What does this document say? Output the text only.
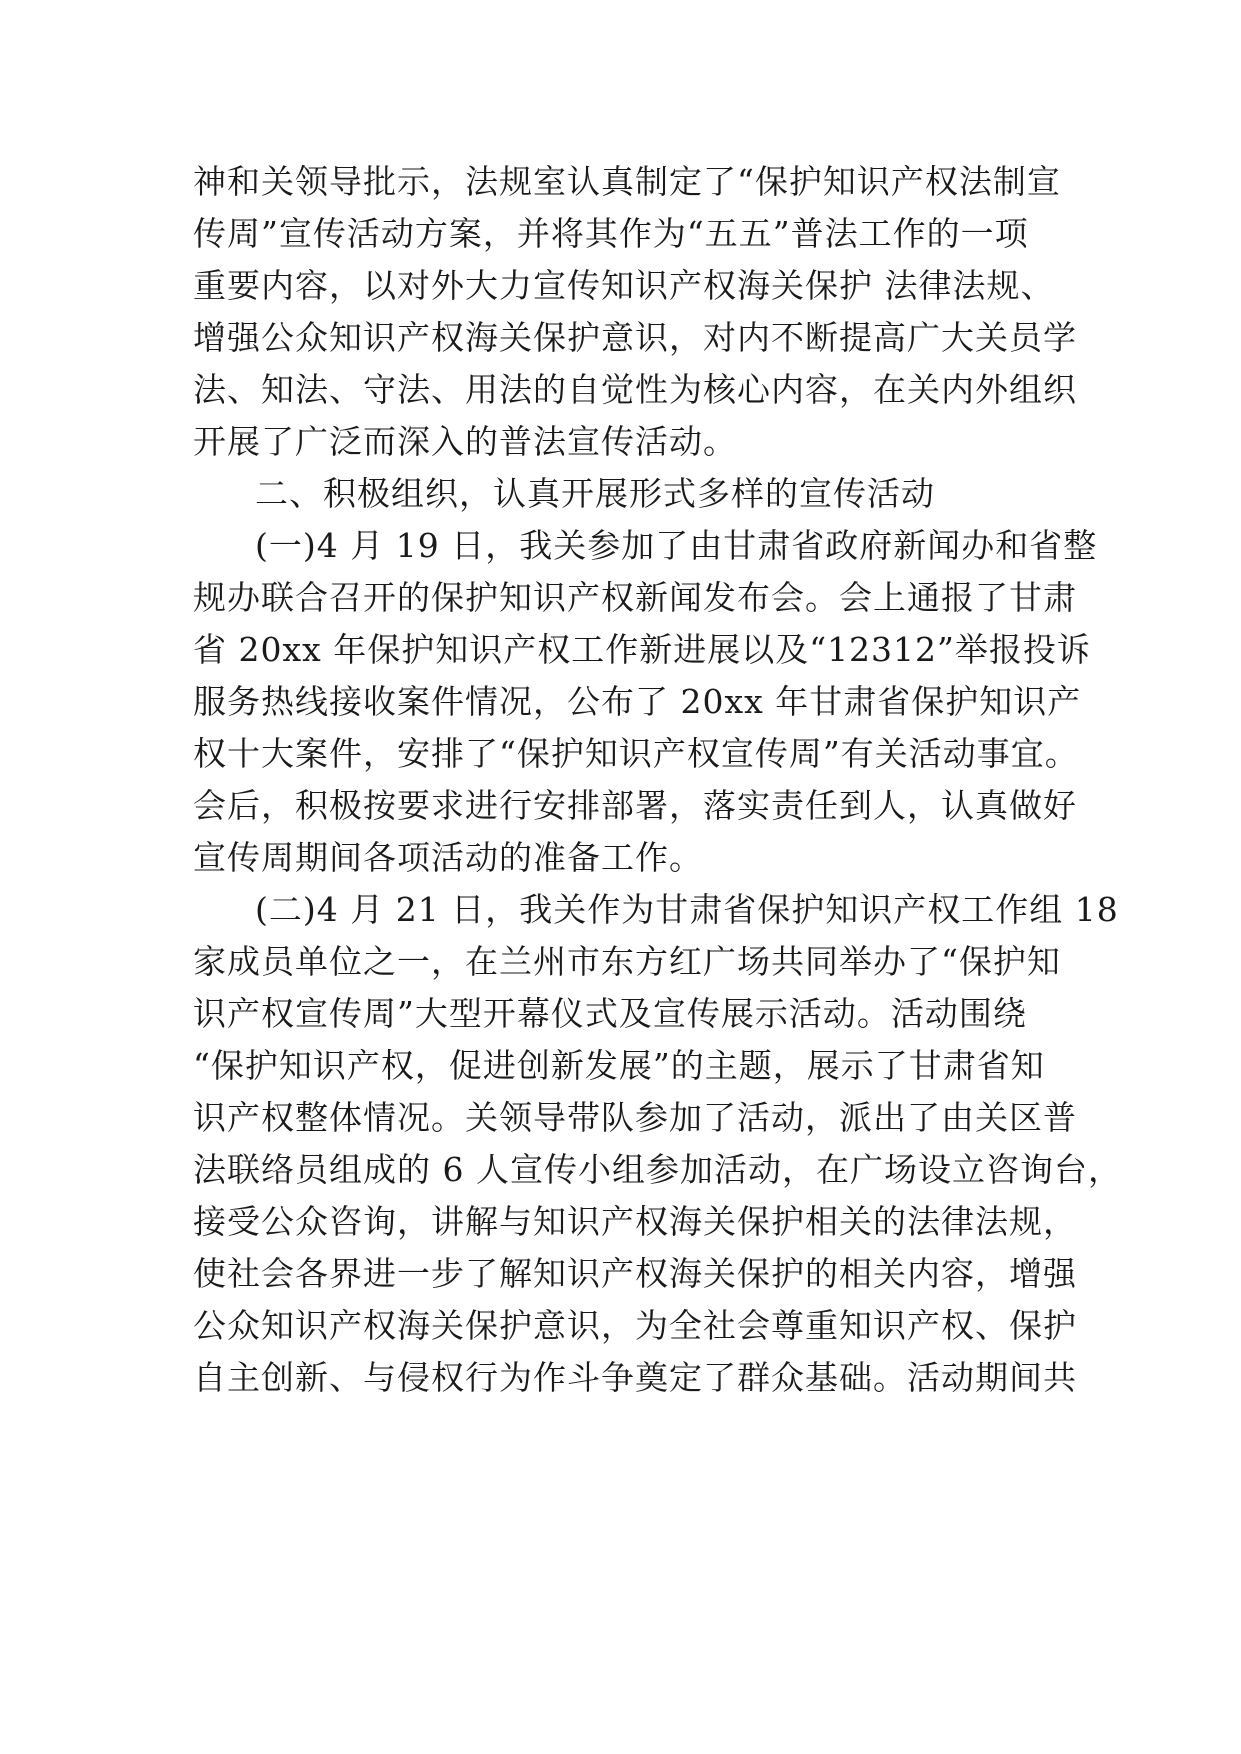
神和关领导批示，法规室认真制定了“保护知识产权法制宣
传周”宣传活动方案，并将其作为“五五”普法工作的一项
重要内容，以对外大力宣传知识产权海关保护 法律法规、
增强公众知识产权海关保护意识，对内不断提高广大关员学
法、知法、守法、用法的自觉性为核心内容，在关内外组织
开展了广泛而深入的普法宣传活动。
二、积极组织，认真开展形式多样的宣传活动
(一)4 月 19 日，我关参加了由甘肃省政府新闻办和省整
规办联合召开的保护知识产权新闻发布会。会上通报了甘肃
省 20xx 年保护知识产权工作新进展以及“12312”举报投诉
服务热线接收案件情况，公布了 20xx 年甘肃省保护知识产
权十大案件，安排了“保护知识产权宣传周”有关活动事宜。
会后，积极按要求进行安排部署，落实责任到人，认真做好
宣传周期间各项活动的准备工作。
(二)4 月 21 日，我关作为甘肃省保护知识产权工作组 18
家成员单位之一，在兰州市东方红广场共同举办了“保护知
识产权宣传周”大型开幕仪式及宣传展示活动。活动围绕
“保护知识产权，促进创新发展”的主题，展示了甘肃省知
识产权整体情况。关领导带队参加了活动，派出了由关区普
法联络员组成的 6 人宣传小组参加活动，在广场设立咨询台，
接受公众咨询，讲解与知识产权海关保护相关的法律法规，
使社会各界进一步了解知识产权海关保护的相关内容，增强
公众知识产权海关保护意识，为全社会尊重知识产权、保护
自主创新、与侵权行为作斗争奠定了群众基础。活动期间共
